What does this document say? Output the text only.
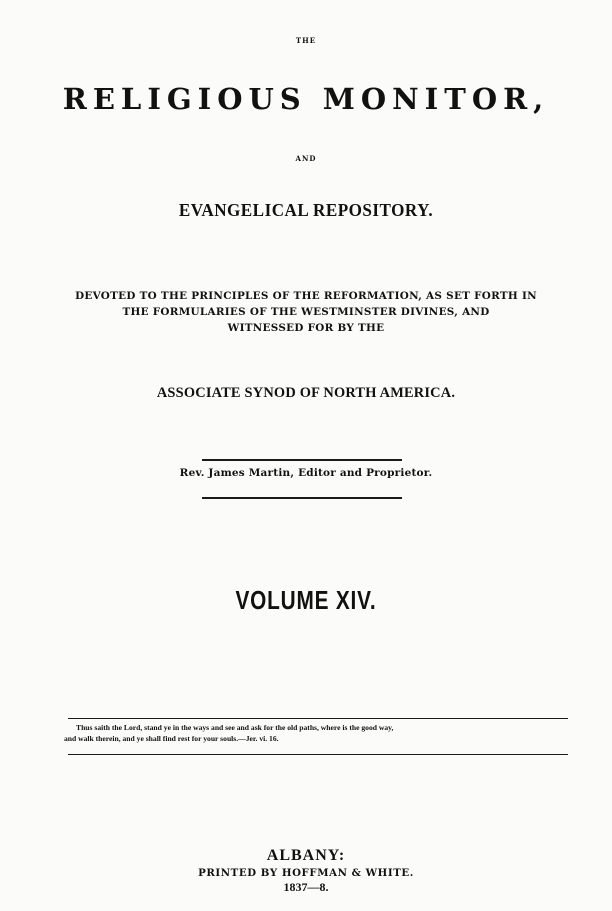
THE
RELIGIOUS MONITOR,
AND
EVANGELICAL REPOSITORY.
DEVOTED TO THE PRINCIPLES OF THE REFORMATION, AS SET FORTH IN
THE FORMULARIES OF THE WESTMINSTER DIVINES, AND
WITNESSED FOR BY THE
ASSOCIATE SYNOD OF NORTH AMERICA.
Rev. James Martin, Editor and Proprietor.
VOLUME XIV.
Thus saith the Lord, stand ye in the ways and see and ask for the old paths, where is the good way,
and walk therein, and ye shall find rest for your souls.—Jer. vi. 16.
ALBANY:
PRINTED BY HOFFMAN & WHITE.
1837—8.
